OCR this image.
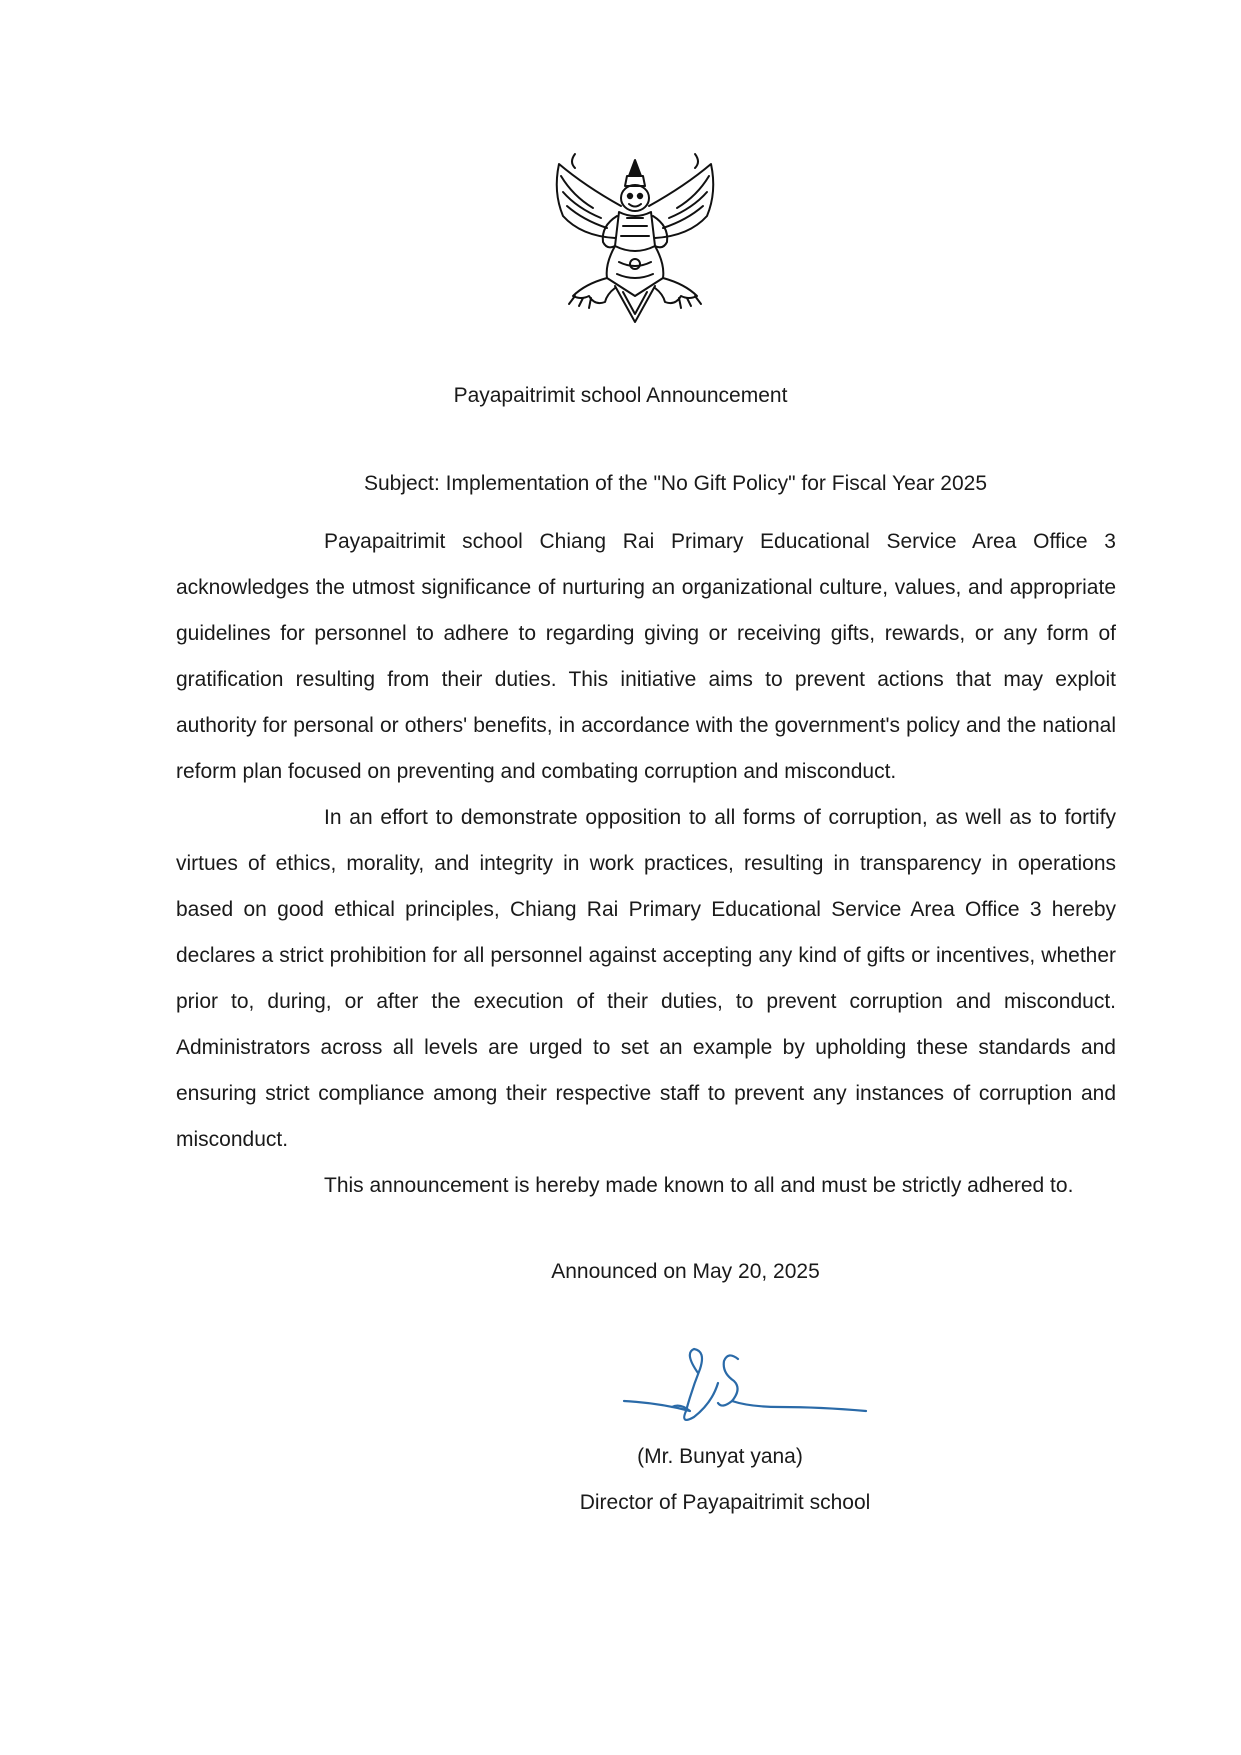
Payapaitrimit school Announcement
Subject: Implementation of the "No Gift Policy" for Fiscal Year 2025

Payapaitrimit school Chiang Rai Primary Educational Service Area Office 3 acknowledges the utmost significance of nurturing an organizational culture, values, and appropriate guidelines for personnel to adhere to regarding giving or receiving gifts, rewards, or any form of gratification resulting from their duties. This initiative aims to prevent actions that may exploit authority for personal or others' benefits, in accordance with the government's policy and the national reform plan focused on preventing and combating corruption and misconduct.

In an effort to demonstrate opposition to all forms of corruption, as well as to fortify virtues of ethics, morality, and integrity in work practices, resulting in transparency in operations based on good ethical principles, Chiang Rai Primary Educational Service Area Office 3 hereby declares a strict prohibition for all personnel against accepting any kind of gifts or incentives, whether prior to, during, or after the execution of their duties, to prevent corruption and misconduct. Administrators across all levels are urged to set an example by upholding these standards and ensuring strict compliance among their respective staff to prevent any instances of corruption and misconduct.

This announcement is hereby made known to all and must be strictly adhered to.

Announced on May 20, 2025
(Mr. Bunyat yana)
Director of Payapaitrimit school
